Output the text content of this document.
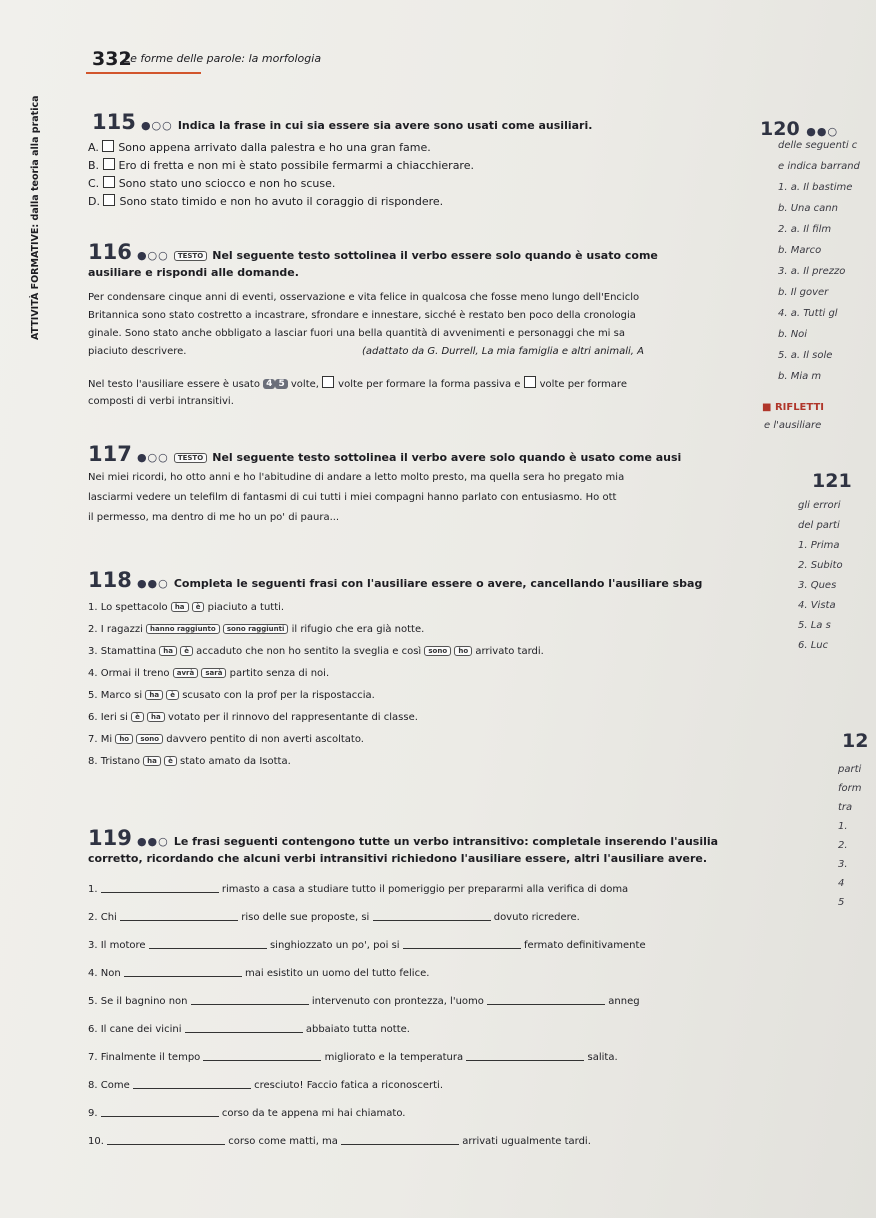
332
Le forme delle parole: la morfologia
ATTIVITÀ FORMATIVE: dalla teoria alla pratica 115 ●○○ Indica la frase in cui sia essere sia avere sono usati come ausiliari.
A. Sono appena arrivato dalla palestra e ho una gran fame.
B. Ero di fretta e non mi è stato possibile fermarmi a chiacchierare.
C. Sono stato uno sciocco e non ho scuse.
D. Sono stato timido e non ho avuto il coraggio di rispondere.
116 ●○○ TESTO Nel seguente testo sottolinea il verbo essere solo quando è usato come
ausiliare e rispondi alle domande.
Per condensare cinque anni di eventi, osservazione e vita felice in qualcosa che fosse meno lungo dell'Enciclo
Britannica sono stato costretto a incastrare, sfrondare e innestare, sicché è restato ben poco della cronologia
ginale. Sono stato anche obbligato a lasciar fuori una bella quantità di avvenimenti e personaggi che mi sa
piaciuto descrivere.	(adattato da G. Durrell, La mia famiglia e altri animali, A
Nel testo l'ausiliare essere è usato 4 5 volte, volte per formare la forma passiva e volte per formare
composti di verbi intransitivi.
117 ●○○ TESTO Nel seguente testo sottolinea il verbo avere solo quando è usato come ausi
Nei miei ricordi, ho otto anni e ho l'abitudine di andare a letto molto presto, ma quella sera ho pregato mia
lasciarmi vedere un telefilm di fantasmi di cui tutti i miei compagni hanno parlato con entusiasmo. Ho ott
il permesso, ma dentro di me ho un po' di paura...
118 ●●○ Completa le seguenti frasi con l'ausiliare essere o avere, cancellando l'ausiliare sbag
1. Lo spettacolo ha è piaciuto a tutti.
2. I ragazzi hanno raggiunto sono raggiunti il rifugio che era già notte.
3. Stamattina ha è accaduto che non ho sentito la sveglia e così sono ho arrivato tardi.
4. Ormai il treno avrà sarà partito senza di noi.
5. Marco si ha è scusato con la prof per la rispostaccia.
6. Ieri si è ha votato per il rinnovo del rappresentante di classe.
7. Mi ho sono davvero pentito di non averti ascoltato.
8. Tristano ha è stato amato da Isotta.
119 ●●○ Le frasi seguenti contengono tutte un verbo intransitivo: completale inserendo l'ausilia
corretto, ricordando che alcuni verbi intransitivi richiedono l'ausiliare essere, altri l'ausiliare avere.
1.	rimasto a casa a studiare tutto il pomeriggio per prepararmi alla verifica di doma
2. Chi	riso delle sue proposte, si	dovuto ricredere.
3. Il motore	singhiozzato un po', poi si	fermato definitivamente
4. Non	mai esistito un uomo del tutto felice.
5. Se il bagnino non	intervenuto con prontezza, l'uomo	anneg
6. Il cane dei vicini	abbaiato tutta notte.
7. Finalmente il tempo	migliorato e la temperatura	salita.
8. Come	cresciuto! Faccio fatica a riconoscerti.
9.	corso da te appena mi hai chiamato.
10.	corso come matti, ma	arrivati ugualmente tardi.
120 ●●○
delle seguenti c
e indica barrand
1. a. Il bastime
b. Una cann
2. a. Il film
b. Marco
3. a. Il prezzo
b. Il gover
4. a. Tutti gl
b. Noi
5. a. Il sole
b. Mia m
■ RIFLETTI
e l'ausiliare
121
gli errori
del parti
1. Prima
2. Subito
3. Ques
4. Vista
5. La s
6. Luc
12
parti
form
tra
1.
2.
3.
4
5
